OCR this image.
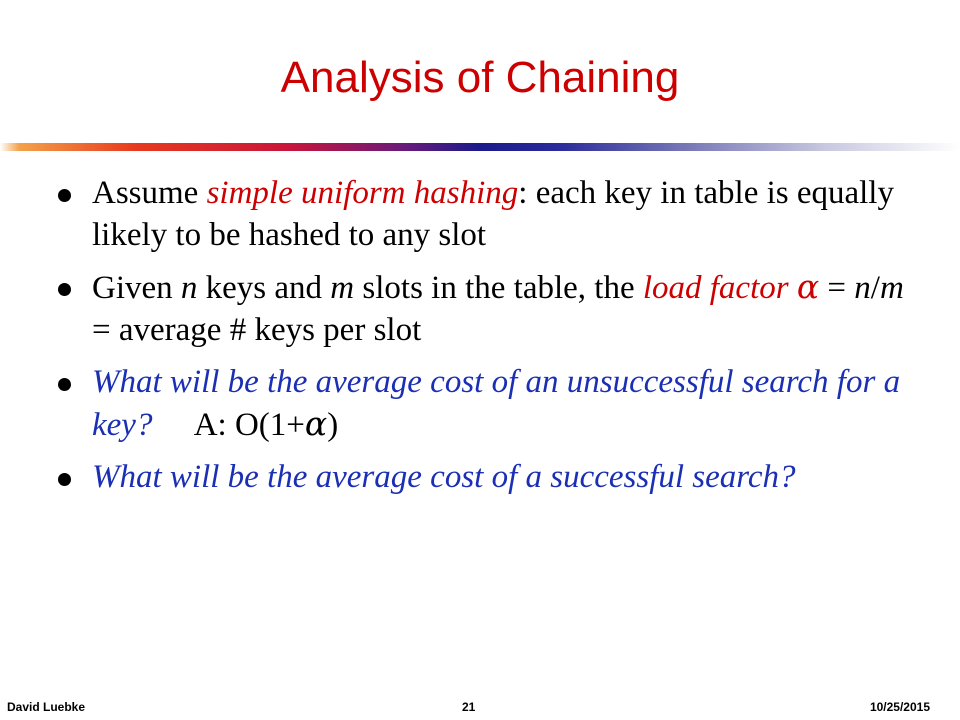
Analysis of Chaining
Assume simple uniform hashing: each key in table is equally likely to be hashed to any slot
Given n keys and m slots in the table, the load factor α = n/m = average # keys per slot
What will be the average cost of an unsuccessful search for a key? A: O(1+α)
What will be the average cost of a successful search?
David Luebke	21	10/25/2015
